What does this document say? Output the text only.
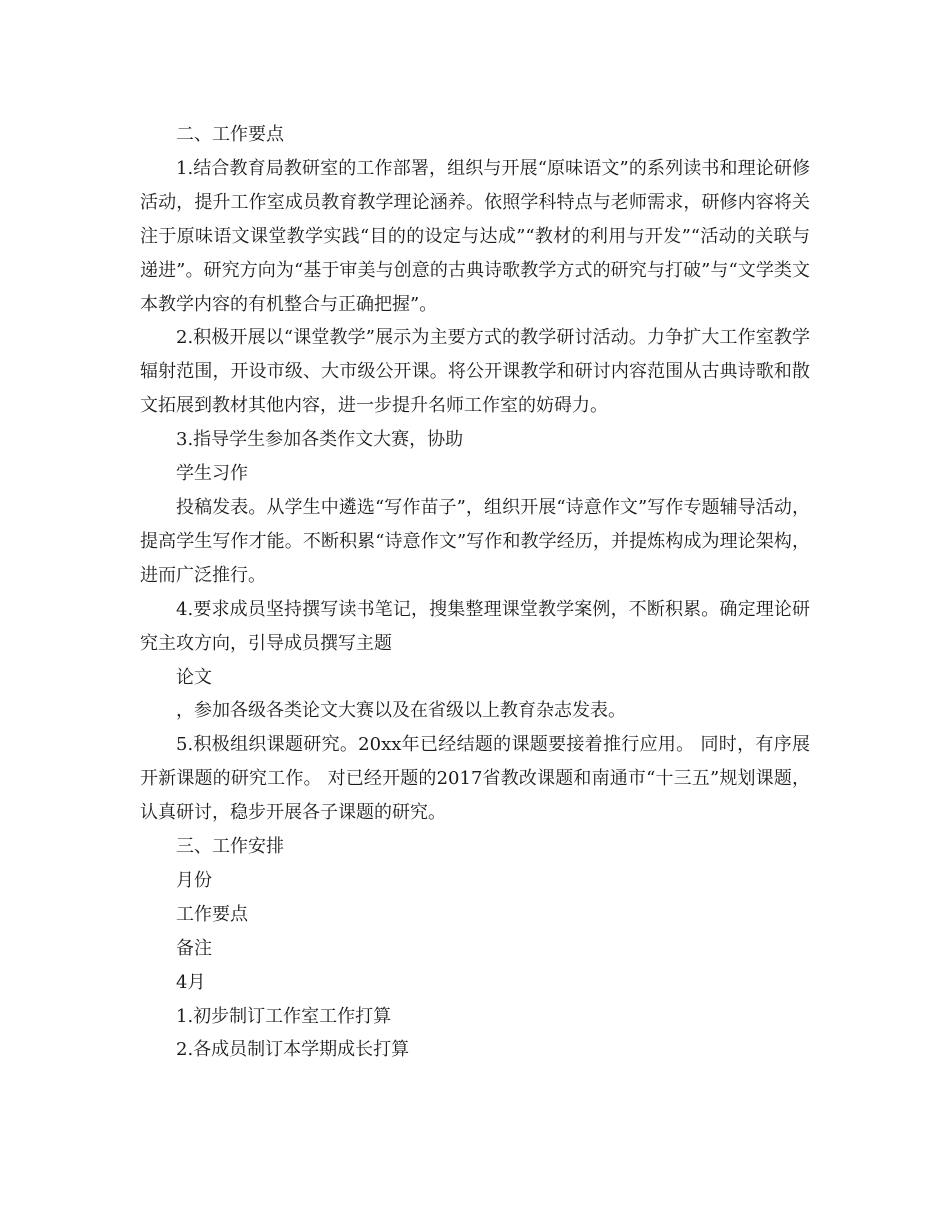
二、工作要点

1.结合教育局教研室的工作部署，组织与开展“原味语文”的系列读书和理论研修活动，提升工作室成员教育教学理论涵养。依照学科特点与老师需求，研修内容将关注于原味语文课堂教学实践“目的的设定与达成”“教材的利用与开发”“活动的关联与递进”。研究方向为“基于审美与创意的古典诗歌教学方式的研究与打破”与“文学类文本教学内容的有机整合与正确把握”。

2.积极开展以“课堂教学”展示为主要方式的教学研讨活动。力争扩大工作室教学辐射范围，开设市级、大市级公开课。将公开课教学和研讨内容范围从古典诗歌和散文拓展到教材其他内容，进一步提升名师工作室的妨碍力。

3.指导学生参加各类作文大赛，协助

学生习作

投稿发表。从学生中遴选“写作苗子”，组织开展“诗意作文”写作专题辅导活动，提高学生写作才能。不断积累“诗意作文”写作和教学经历，并提炼构成为理论架构，进而广泛推行。

4.要求成员坚持撰写读书笔记，搜集整理课堂教学案例，不断积累。确定理论研究主攻方向，引导成员撰写主题

论文

，参加各级各类论文大赛以及在省级以上教育杂志发表。

5.积极组织课题研究。20xx年已经结题的课题要接着推行应用。 同时，有序展开新课题的研究工作。 对已经开题的2017省教改课题和南通市“十三五”规划课题， 认真研讨，稳步开展各子课题的研究。

三、工作安排

月份

工作要点

备注

4月

1.初步制订工作室工作打算

2.各成员制订本学期成长打算
